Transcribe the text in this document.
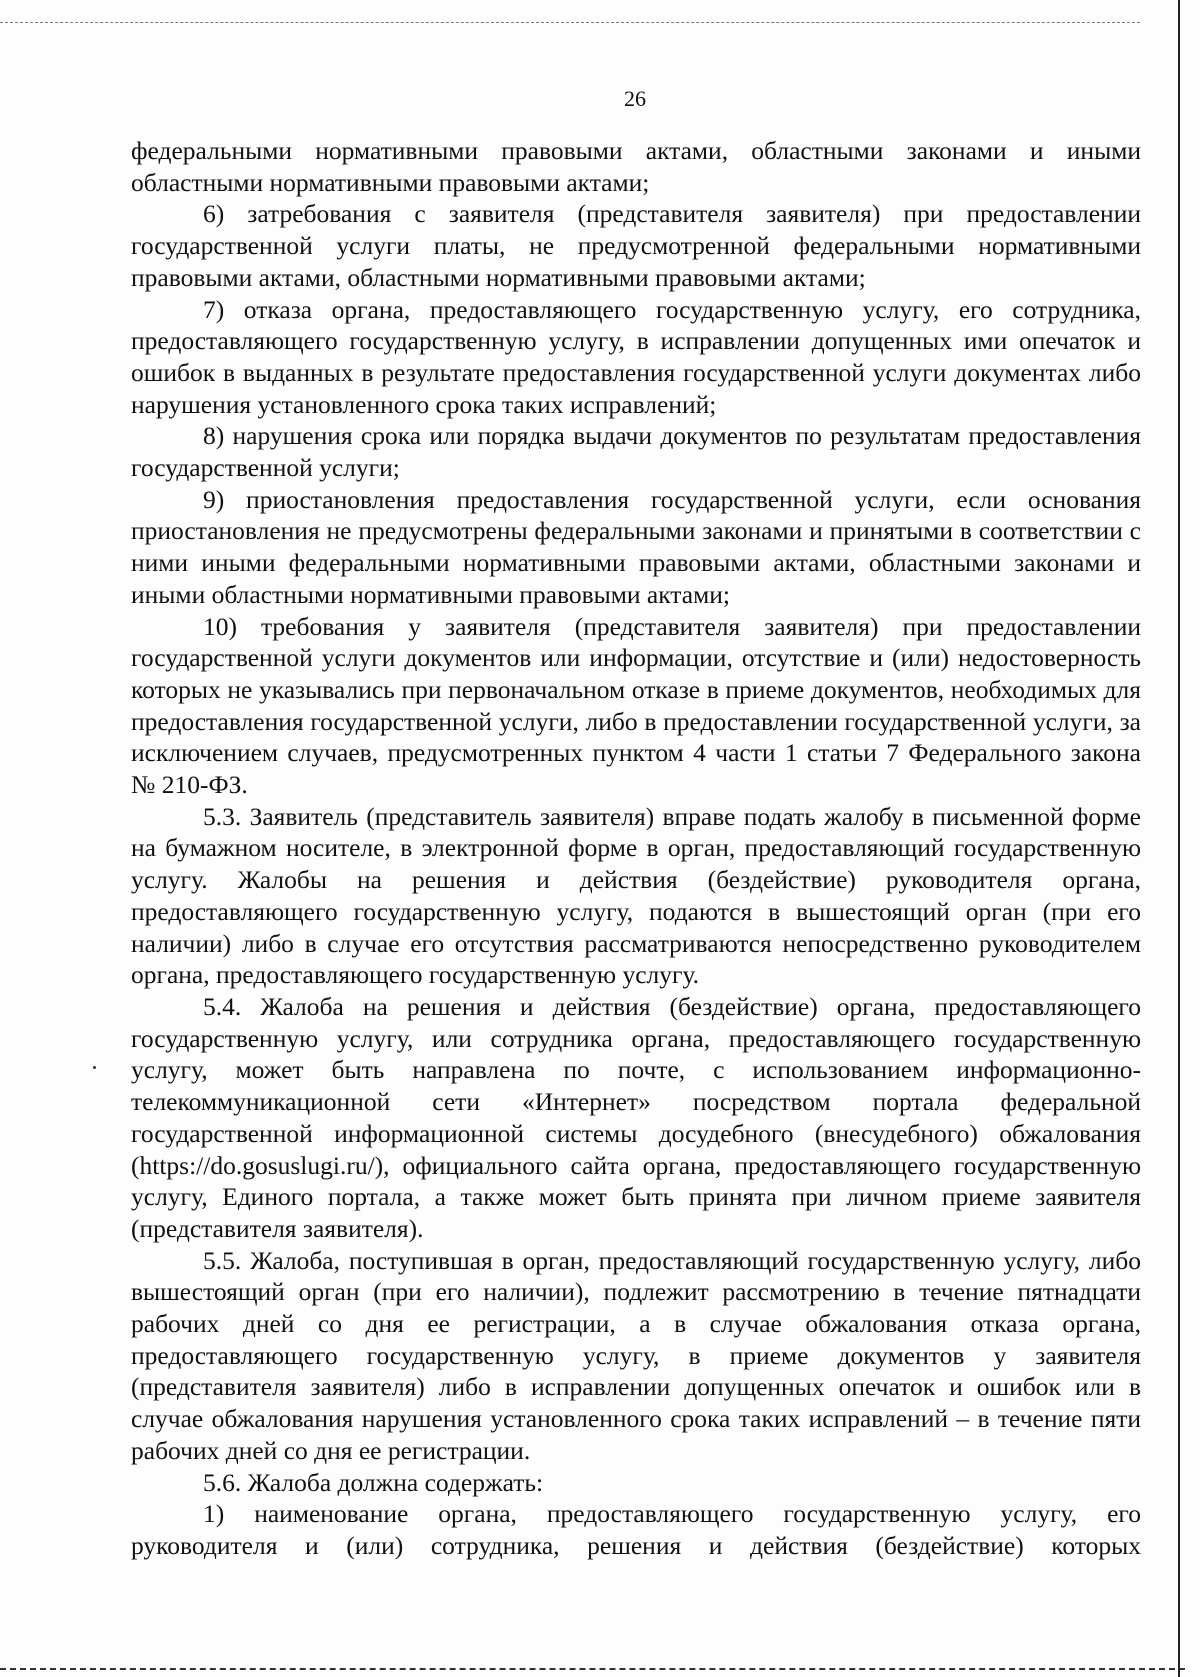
26

федеральными нормативными правовыми актами, областными законами и иными областными нормативными правовыми актами;

6) затребования с заявителя (представителя заявителя) при предоставлении государственной услуги платы, не предусмотренной федеральными нормативными правовыми актами, областными нормативными правовыми актами;

7) отказа органа, предоставляющего государственную услугу, его сотрудника, предоставляющего государственную услугу, в исправлении допущенных ими опечаток и ошибок в выданных в результате предоставления государственной услуги документах либо нарушения установленного срока таких исправлений;

8) нарушения срока или порядка выдачи документов по результатам предоставления государственной услуги;

9) приостановления предоставления государственной услуги, если основания приостановления не предусмотрены федеральными законами и принятыми в соответствии с ними иными федеральными нормативными правовыми актами, областными законами и иными областными нормативными правовыми актами;

10) требования у заявителя (представителя заявителя) при предоставлении государственной услуги документов или информации, отсутствие и (или) недостоверность которых не указывались при первоначальном отказе в приеме документов, необходимых для предоставления государственной услуги, либо в предоставлении государственной услуги, за исключением случаев, предусмотренных пунктом 4 части 1 статьи 7 Федерального закона № 210-ФЗ.

5.3. Заявитель (представитель заявителя) вправе подать жалобу в письменной форме на бумажном носителе, в электронной форме в орган, предоставляющий государственную услугу. Жалобы на решения и действия (бездействие) руководителя органа, предоставляющего государственную услугу, подаются в вышестоящий орган (при его наличии) либо в случае его отсутствия рассматриваются непосредственно руководителем органа, предоставляющего государственную услугу.

5.4. Жалоба на решения и действия (бездействие) органа, предоставляющего государственную услугу, или сотрудника органа, предоставляющего государственную услугу, может быть направлена по почте, с использованием информационно-телекоммуникационной сети «Интернет» посредством портала федеральной государственной информационной системы досудебного (внесудебного) обжалования (https://do.gosuslugi.ru/), официального сайта органа, предоставляющего государственную услугу, Единого портала, а также может быть принята при личном приеме заявителя (представителя заявителя).

5.5. Жалоба, поступившая в орган, предоставляющий государственную услугу, либо вышестоящий орган (при его наличии), подлежит рассмотрению в течение пятнадцати рабочих дней со дня ее регистрации, а в случае обжалования отказа органа, предоставляющего государственную услугу, в приеме документов у заявителя (представителя заявителя) либо в исправлении допущенных опечаток и ошибок или в случае обжалования нарушения установленного срока таких исправлений – в течение пяти рабочих дней со дня ее регистрации.

5.6. Жалоба должна содержать:

1) наименование органа, предоставляющего государственную услугу, его руководителя и (или) сотрудника, решения и действия (бездействие) которых
